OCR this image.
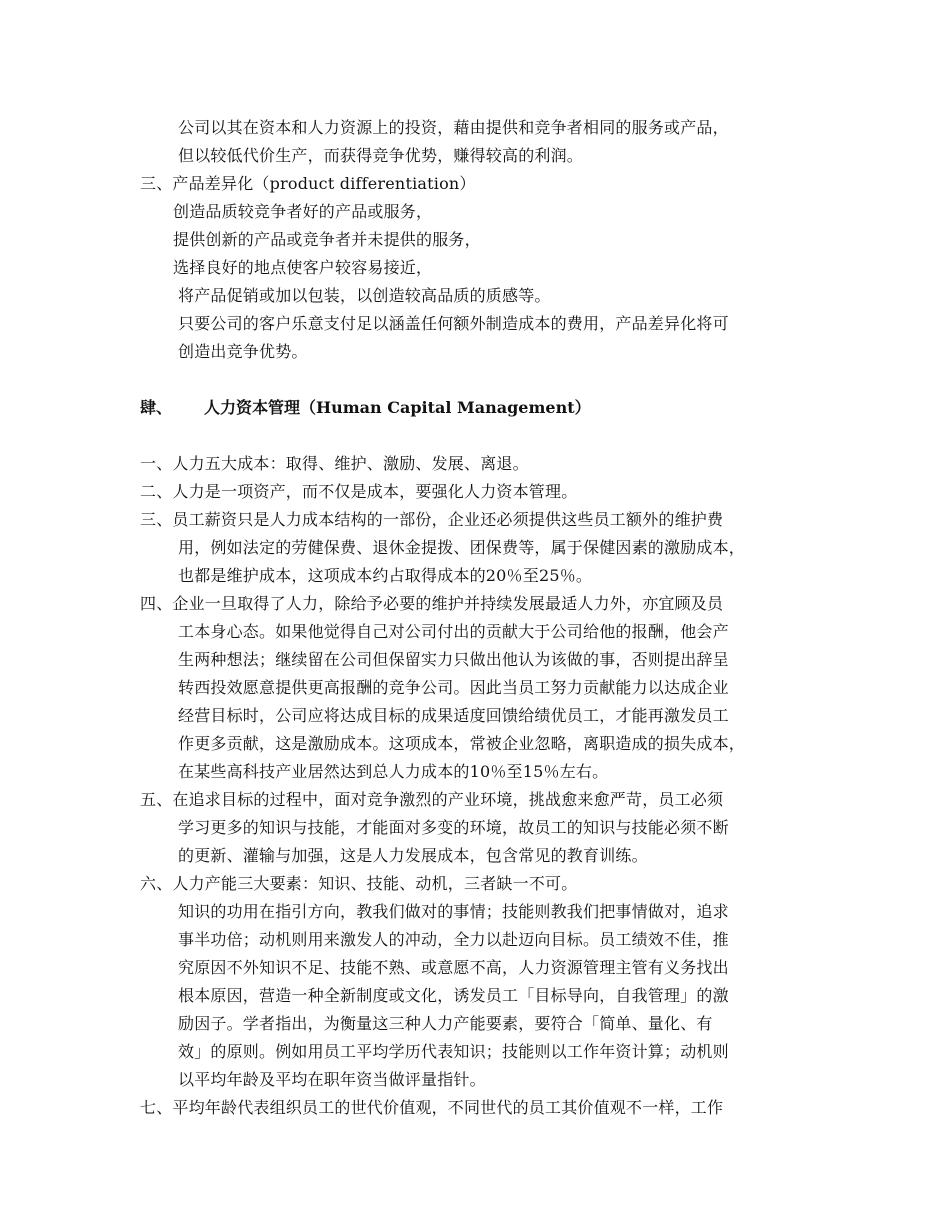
公司以其在资本和人力资源上的投资，藉由提供和竞争者相同的服务或产品，
但以较低代价生产，而获得竞争优势，赚得较高的利润。
三、产品差异化（product differentiation）
创造品质较竞争者好的产品或服务，
提供创新的产品或竞争者并未提供的服务，
选择良好的地点使客户较容易接近，
将产品促销或加以包装，以创造较高品质的质感等。
只要公司的客户乐意支付足以涵盖任何额外制造成本的费用，产品差异化将可
创造出竞争优势。
肆、 人力资本管理（Human Capital Management）
一、人力五大成本：取得、维护、激励、发展、离退。
二、人力是一项资产，而不仅是成本，要强化人力资本管理。
三、员工薪资只是人力成本结构的一部份，企业还必须提供这些员工额外的维护费
用，例如法定的劳健保费、退休金提拨、团保费等，属于保健因素的激励成本，
也都是维护成本，这项成本约占取得成本的20％至25％。
四、企业一旦取得了人力，除给予必要的维护并持续发展最适人力外，亦宜顾及员
工本身心态。如果他觉得自己对公司付出的贡献大于公司给他的报酬，他会产
生两种想法；继续留在公司但保留实力只做出他认为该做的事，否则提出辞呈
转西投效愿意提供更高报酬的竞争公司。因此当员工努力贡献能力以达成企业
经营目标时，公司应将达成目标的成果适度回馈给绩优员工，才能再激发员工
作更多贡献，这是激励成本。这项成本，常被企业忽略，离职造成的损失成本，
在某些高科技产业居然达到总人力成本的10％至15％左右。
五、在追求目标的过程中，面对竞争激烈的产业环境，挑战愈来愈严苛，员工必须
学习更多的知识与技能，才能面对多变的环境，故员工的知识与技能必须不断
的更新、灌输与加强，这是人力发展成本，包含常见的教育训练。
六、人力产能三大要素：知识、技能、动机，三者缺一不可。
知识的功用在指引方向，教我们做对的事情；技能则教我们把事情做对，追求
事半功倍；动机则用来激发人的冲动，全力以赴迈向目标。员工绩效不佳，推
究原因不外知识不足、技能不熟、或意愿不高，人力资源管理主管有义务找出
根本原因，营造一种全新制度或文化，诱发员工「目标导向，自我管理」的激
励因子。学者指出，为衡量这三种人力产能要素，要符合「简单、量化、有
效」的原则。例如用员工平均学历代表知识；技能则以工作年资计算；动机则
以平均年龄及平均在职年资当做评量指针。
七、平均年龄代表组织员工的世代价值观，不同世代的员工其价值观不一样，工作
